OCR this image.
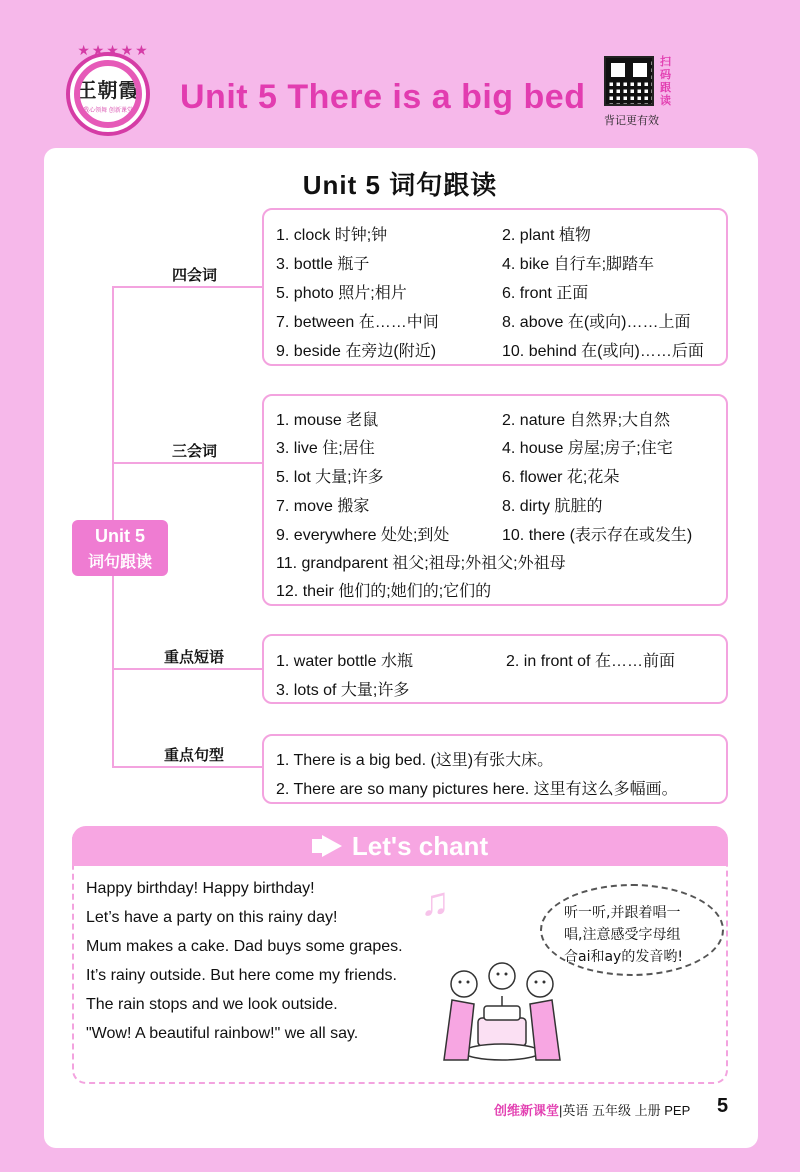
★ ★ ★ ★ ★
王朝霞
我心领舞 创新课堂 Unit 5 There is a big bed
扫码跟读
背记更有效
Unit 5 词句跟读
Unit 5
词句跟读
四会词
三会词
重点短语
重点句型
1. clock 时钟;钟	2. plant 植物
3. bottle 瓶子	4. bike 自行车;脚踏车
5. photo 照片;相片	6. front 正面
7. between 在……中间	8. above 在(或向)……上面
9. beside 在旁边(附近)	10. behind 在(或向)……后面
1. mouse 老鼠	2. nature 自然界;大自然
3. live 住;居住	4. house 房屋;房子;住宅
5. lot 大量;许多	6. flower 花;花朵
7. move 搬家	8. dirty 肮脏的
9. everywhere 处处;到处	10. there (表示存在或发生)
11. grandparent 祖父;祖母;外祖父;外祖母
12. their 他们的;她们的;它们的
1. water bottle 水瓶	2. in front of 在……前面
3. lots of 大量;许多
1. There is a big bed. (这里)有张大床。
2. There are so many pictures here. 这里有这么多幅画。
Let's chant
♫
Happy birthday! Happy birthday!
Let’s have a party on this rainy day!
Mum makes a cake. Dad buys some grapes.
It’s rainy outside. But here come my friends.
The rain stops and we look outside.
"Wow! A beautiful rainbow!" we all say.
听一听,并跟着唱一
唱,注意感受字母组
合ai和ay的发音哟!
创维新课堂|英语 五年级 上册 PEP 5
